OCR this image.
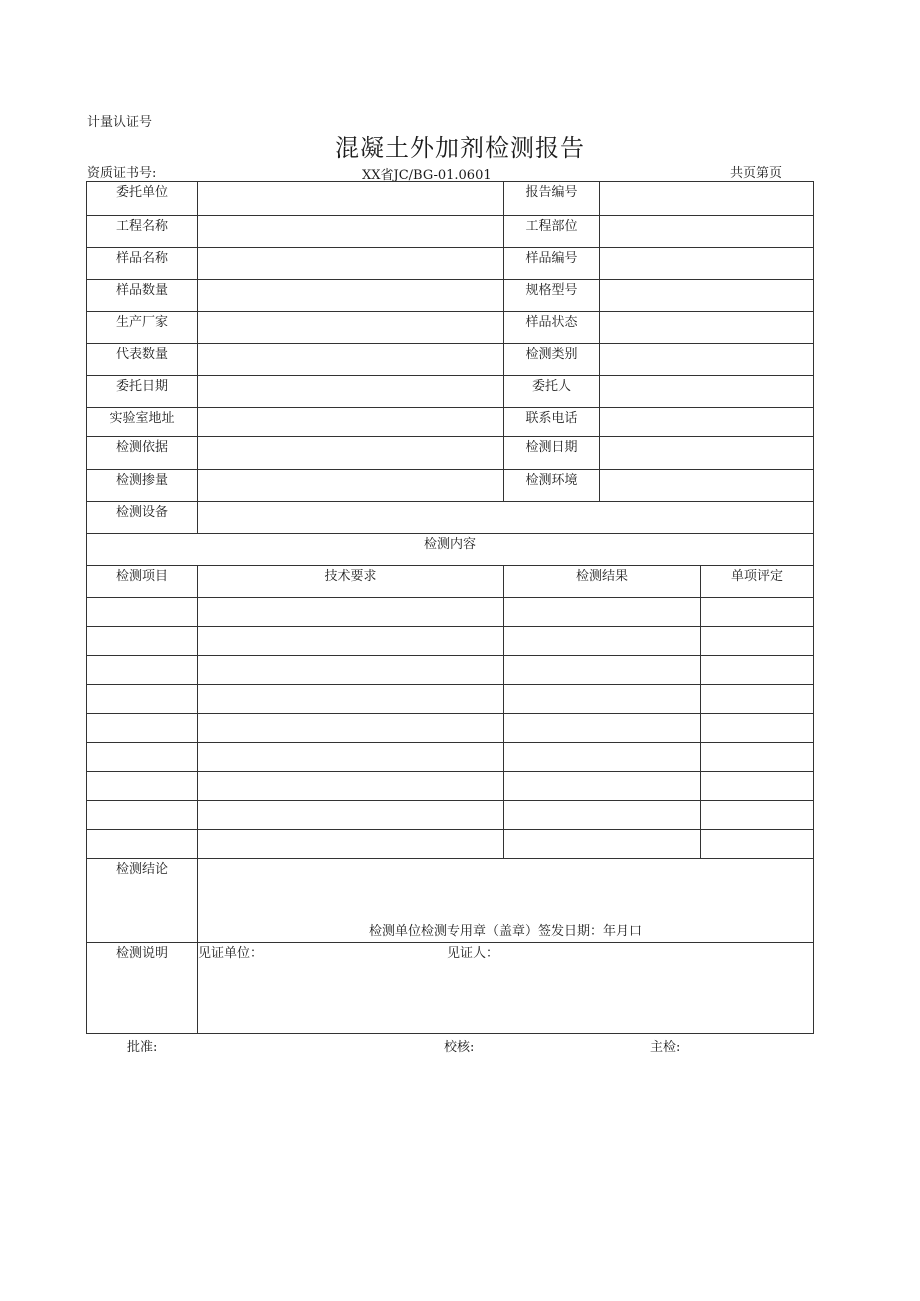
计量认证号
混凝土外加剂检测报告
资质证书号:	XX省JC/BG-01.0601	共页第页
委托单位		报告编号		
工程名称		工程部位		
样品名称		样品编号		
样品数量		规格型号		
生产厂家		样品状态		
代表数量		检测类别		
委托日期		委托人		
实验室地址		联系电话		
检测依据		检测日期		
检测掺量		检测环境		
检测设备				
检测内容				
检测项目	技术要求	检测结果		单项评定

检测结论	检测单位检测专用章（盖章）签发日期：年月口			

检测说明	见证单位： 见证人：			
批准:	校核:	主检:
